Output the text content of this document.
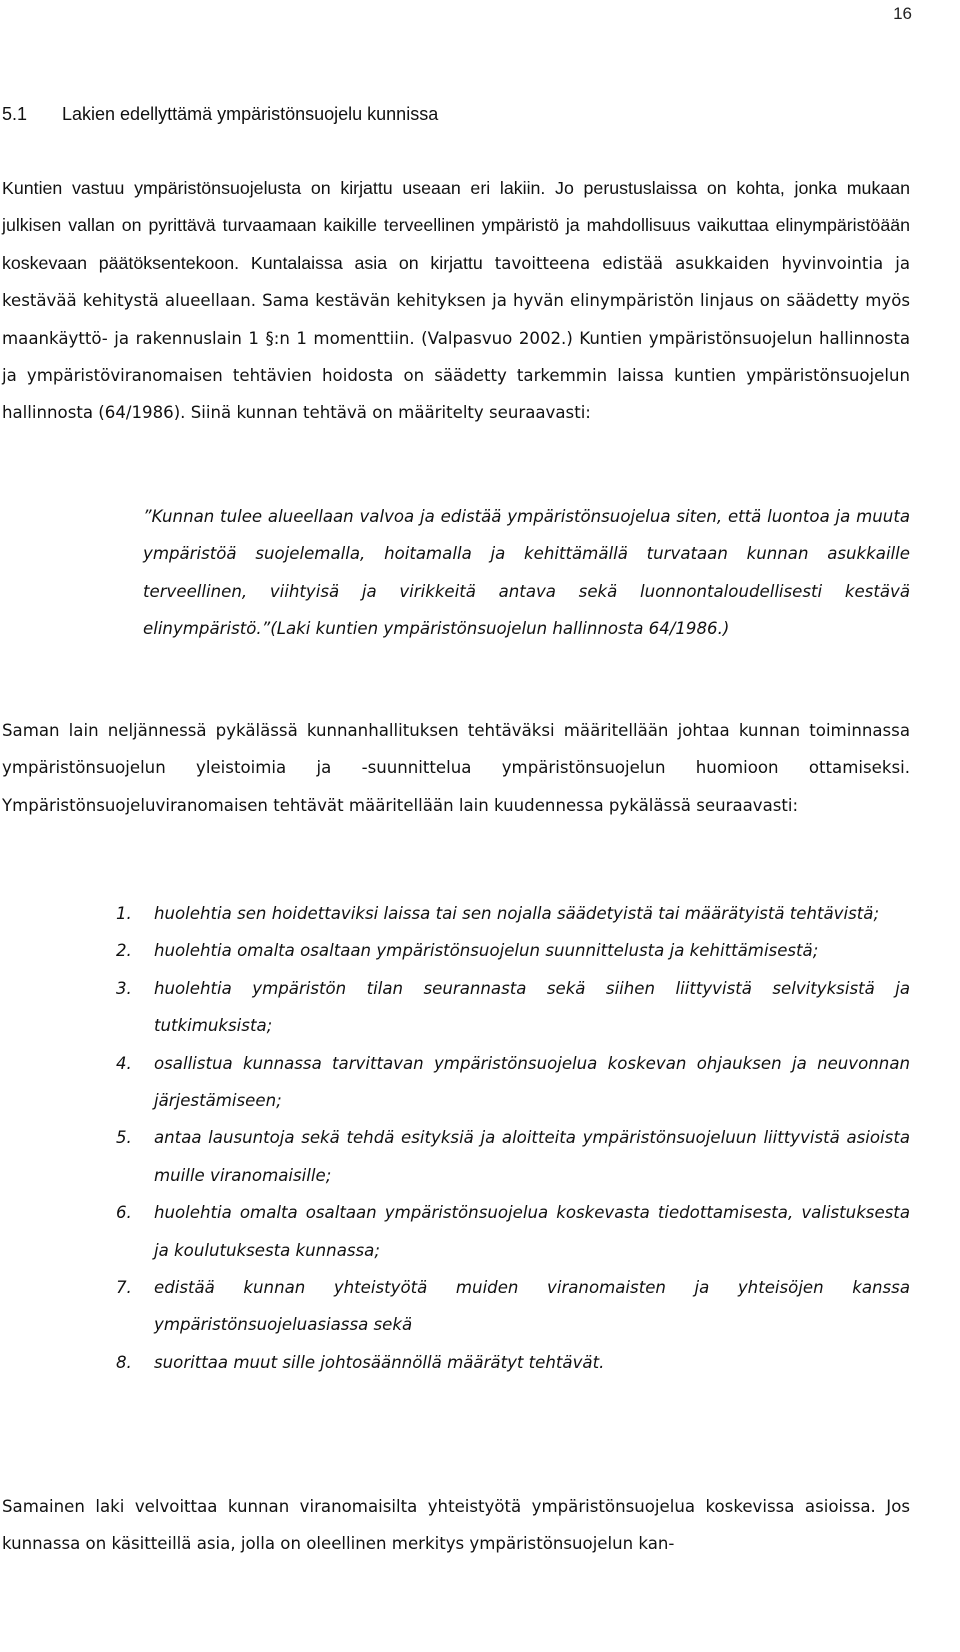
16
5.1 Lakien edellyttämä ympäristönsuojelu kunnissa
Kuntien vastuu ympäristönsuojelusta on kirjattu useaan eri lakiin. Jo perustuslaissa on kohta, jonka mukaan julkisen vallan on pyrittävä turvaamaan kaikille terveellinen ympäristö ja mahdollisuus vaikuttaa elinympäristöään koskevaan päätöksentekoon. Kuntalaissa asia on kirjattu tavoitteena edistää asukkaiden hyvinvointia ja kestävää kehitystä alueellaan. Sama kestävän kehityksen ja hyvän elinympäristön linjaus on säädetty myös maankäyttö- ja rakennuslain 1 §:n 1 momenttiin. (Valpasvuo 2002.) Kuntien ympäristönsuojelun hallinnosta ja ympäristöviranomaisen tehtävien hoidosta on säädetty tarkemmin laissa kuntien ympäristönsuojelun hallinnosta (64/1986). Siinä kunnan tehtävä on määritelty seuraavasti:
”Kunnan tulee alueellaan valvoa ja edistää ympäristönsuojelua siten, että luontoa ja muuta ympäristöä suojelemalla, hoitamalla ja kehittämällä turvataan kunnan asukkaille terveellinen, viihtyisä ja virikkeitä antava sekä luonnontaloudellisesti kestävä elinympäristö.”(Laki kuntien ympäristönsuojelun hallinnosta 64/1986.)
Saman lain neljännessä pykälässä kunnanhallituksen tehtäväksi määritellään johtaa kunnan toiminnassa ympäristönsuojelun yleistoimia ja -suunnittelua ympäristönsuojelun huomioon ottamiseksi. Ympäristönsuojeluviranomaisen tehtävät määritellään lain kuudennessa pykälässä seuraavasti:
1. huolehtia sen hoidettaviksi laissa tai sen nojalla säädetyistä tai määrätyistä tehtävistä;
2. huolehtia omalta osaltaan ympäristönsuojelun suunnittelusta ja kehittämisestä;
3. huolehtia ympäristön tilan seurannasta sekä siihen liittyvistä selvityksistä ja tutkimuksista;
4. osallistua kunnassa tarvittavan ympäristönsuojelua koskevan ohjauksen ja neuvonnan järjestämiseen;
5. antaa lausuntoja sekä tehdä esityksiä ja aloitteita ympäristönsuojeluun liittyvistä asioista muille viranomaisille;
6. huolehtia omalta osaltaan ympäristönsuojelua koskevasta tiedottamisesta, valistuksesta ja koulutuksesta kunnassa;
7. edistää kunnan yhteistyötä muiden viranomaisten ja yhteisöjen kanssa ympäristönsuojeluasiassa sekä
8. suorittaa muut sille johtosäännöllä määrätyt tehtävät.
Samainen laki velvoittaa kunnan viranomaisilta yhteistyötä ympäristönsuojelua koskevissa asioissa. Jos kunnassa on käsitteillä asia, jolla on oleellinen merkitys ympäristönsuojelun kan-
